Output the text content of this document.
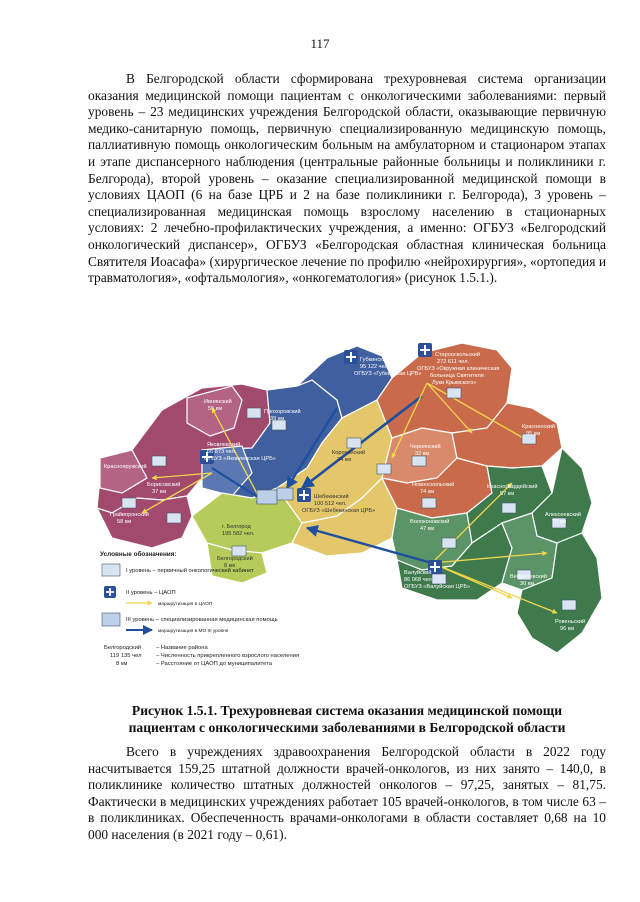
117

В Белгородской области сформирована трехуровневая система организации оказания медицинской помощи пациентам с онкологическими заболеваниями: первый уровень – 23 медицинских учреждения Белгородской области, оказывающие первичную медико-санитарную помощь, первичную специализированную медицинскую помощь, паллиативную помощь онкологическим больным на амбулаторном и стационаром этапах и этапе диспансерного наблюдения (центральные районные больницы и поликлиники г. Белгорода), второй уровень – оказание специализированной медицинской помощи в условиях ЦАОП (6 на базе ЦРБ и 2 на базе поликлиники г. Белгорода), 3 уровень – специализированная медицинская помощь взрослому населению в стационарных условиях: 2 лечебно-профилактических учреждения, а именно: ОГБУЗ «Белгородский онкологический диспансер», ОГБУЗ «Белгородская областная клиническая больница Святителя Иоасафа» (хирургическое лечение по профилю «нейрохирургия», «ортопедия и травматология», «офтальмология», «онкогематология» (рисунок 1.5.1.).

Ивнянский
55 км	Прохоровский
39 км
Яковлевский
66 873 чел.
ОГБУЗ «Яковлевская ЦРБ»
Корочанский
34 км
Губкинский
95 122 чел.
ОГБУЗ «Губкинская ЦРБ»
Старооскольский
272 611 чел.
ОГБУЗ «Окружная клиническая
больница Святителя
Луки Крымского»
Чернянский
32 км
Новооскольский
74 км
Красненский
95 км
Красногвардейский
57 км
Алексеевский
75 км
Волоконовский
47 км
Валуйский
86 068 чел.
ОГБУЗ «Валуйская ЦРБ»
Вейделевский
30 км
Ровеньский
96 км
Краснояружский
Борисовский
37 км
Грайворонский
58 км
г. Белгород
195 582 чел.
Белгородский
8 км
Шебекинский
100 512 чел.
ОГБУЗ «Шебекинская ЦРБ»
Условные обозначения:
I уровень – первичный онкологический кабинет
II уровень – ЦАОП
маршрутизация в ЦАОП
III уровень – специализированная медицинская помощь
маршрутизация в МО III уровня
Белгородский
119 135 чел
8 км
– Название района
– Численность прикрепленного взрослого населения
– Расстояние от ЦАОП до муниципалитета

Рисунок 1.5.1. Трехуровневая система оказания медицинской помощи
пациентам с онкологическими заболеваниями в Белгородской области

Всего в учреждениях здравоохранения Белгородской области в 2022 году насчитывается 159,25 штатной должности врачей-онкологов, из них занято – 140,0, в поликлинике количество штатных должностей онкологов – 97,25, занятых – 81,75. Фактически в медицинских учреждениях работает 105 врачей-онкологов, в том числе 63 – в поликлиниках. Обеспеченность врачами-онкологами в области составляет 0,68 на 10 000 населения (в 2021 году – 0,61).
